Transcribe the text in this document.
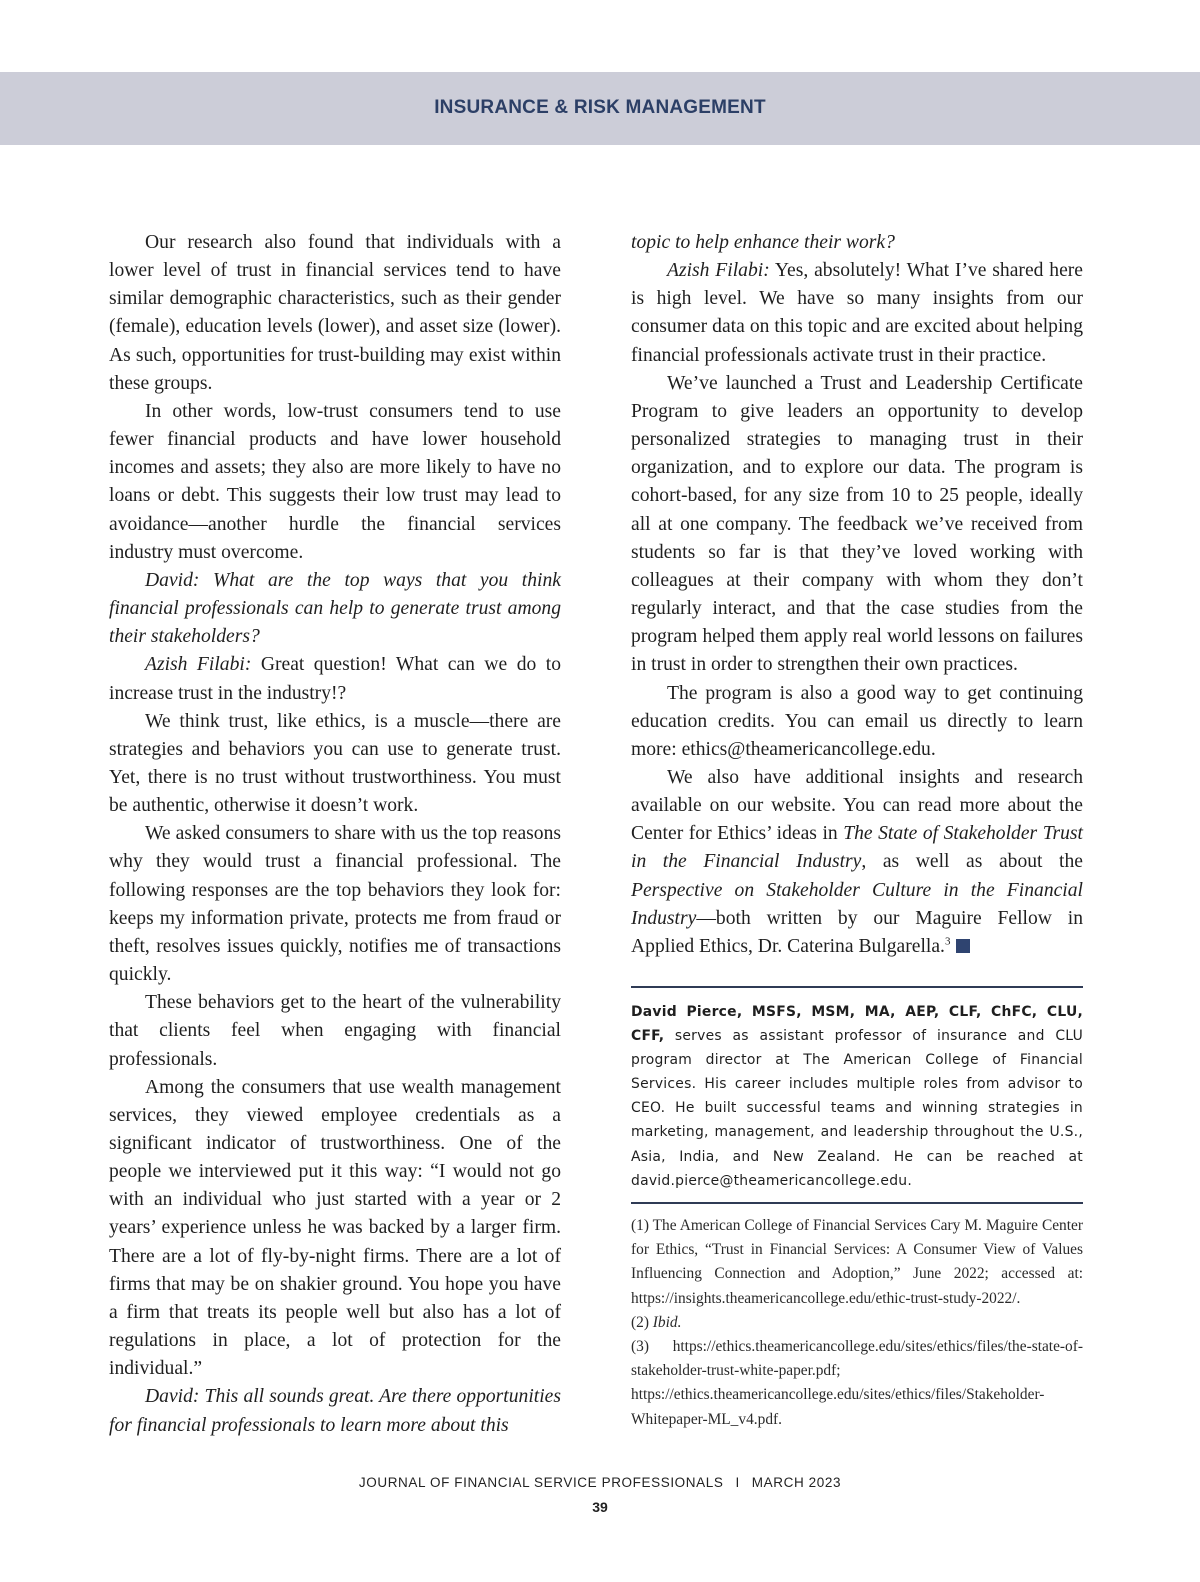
INSURANCE & RISK MANAGEMENT

Our research also found that individuals with a lower level of trust in financial services tend to have similar demographic characteristics, such as their gender (female), education levels (lower), and asset size (lower). As such, opportunities for trust-building may exist within these groups.

In other words, low-trust consumers tend to use fewer financial products and have lower household incomes and assets; they also are more likely to have no loans or debt. This suggests their low trust may lead to avoidance—another hurdle the financial services industry must overcome.

David: What are the top ways that you think financial professionals can help to generate trust among their stakeholders?

Azish Filabi: Great question! What can we do to increase trust in the industry!?

We think trust, like ethics, is a muscle—there are strategies and behaviors you can use to generate trust. Yet, there is no trust without trustworthiness. You must be authentic, otherwise it doesn’t work.

We asked consumers to share with us the top reasons why they would trust a financial professional. The following responses are the top behaviors they look for: keeps my information private, protects me from fraud or theft, resolves issues quickly, notifies me of transactions quickly.

These behaviors get to the heart of the vulnerability that clients feel when engaging with financial professionals.

Among the consumers that use wealth management services, they viewed employee credentials as a significant indicator of trustworthiness. One of the people we interviewed put it this way: “I would not go with an individual who just started with a year or 2 years’ experience unless he was backed by a larger firm. There are a lot of fly-by-night firms. There are a lot of firms that may be on shakier ground. You hope you have a firm that treats its people well but also has a lot of regulations in place, a lot of protection for the individual.”

David: This all sounds great. Are there opportunities for financial professionals to learn more about this

topic to help enhance their work?

Azish Filabi: Yes, absolutely! What I’ve shared here is high level. We have so many insights from our consumer data on this topic and are excited about helping financial professionals activate trust in their practice.

We’ve launched a Trust and Leadership Certificate Program to give leaders an opportunity to develop personalized strategies to managing trust in their organization, and to explore our data. The program is cohort-based, for any size from 10 to 25 people, ideally all at one company. The feedback we’ve received from students so far is that they’ve loved working with colleagues at their company with whom they don’t regularly interact, and that the case studies from the program helped them apply real world lessons on failures in trust in order to strengthen their own practices.

The program is also a good way to get continuing education credits. You can email us directly to learn more: ethics@theamericancollege.edu.

We also have additional insights and research available on our website. You can read more about the Center for Ethics’ ideas in The State of Stakeholder Trust in the Financial Industry, as well as about the Perspective on Stakeholder Culture in the Financial Industry—both written by our Maguire Fellow in Applied Ethics, Dr. Caterina Bulgarella.$^3$

David Pierce, MSFS, MSM, MA, AEP, CLF, ChFC, CLU, CFF, serves as assistant professor of insurance and CLU program director at The American College of Financial Services. His career includes multiple roles from advisor to CEO. He built successful teams and winning strategies in marketing, management, and leadership throughout the U.S., Asia, India, and New Zealand. He can be reached at david.pierce@theamericancollege.edu.

(1) The American College of Financial Services Cary M. Maguire Center for Ethics, “Trust in Financial Services: A Consumer View of Values Influencing Connection and Adoption,” June 2022; accessed at: https://insights.theamericancollege.edu/ethic-trust-study-2022/.

(2) Ibid.

(3) https://ethics.theamericancollege.edu/sites/ethics/files/the-state-of-stakeholder-trust-white-paper.pdf; https://ethics.theamericancollege.edu/sites/ethics/files/Stakeholder-Whitepaper-ML_v4.pdf.

JOURNAL OF FINANCIAL SERVICE PROFESSIONALS I MARCH 2023
39
